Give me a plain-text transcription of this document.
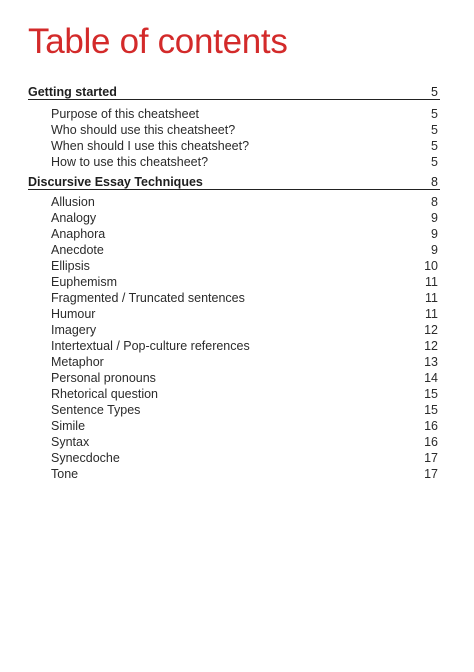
Table of contents
Getting started	5
Purpose of this cheatsheet	5
Who should use this cheatsheet?	5
When should I use this cheatsheet?	5
How to use this cheatsheet?	5
Discursive Essay Techniques	8
Allusion	8
Analogy	9
Anaphora	9
Anecdote	9
Ellipsis	10
Euphemism	11
Fragmented / Truncated sentences	11
Humour	11
Imagery	12
Intertextual / Pop-culture references	12
Metaphor	13
Personal pronouns	14
Rhetorical question	15
Sentence Types	15
Simile	16
Syntax	16
Synecdoche	17
Tone	17
